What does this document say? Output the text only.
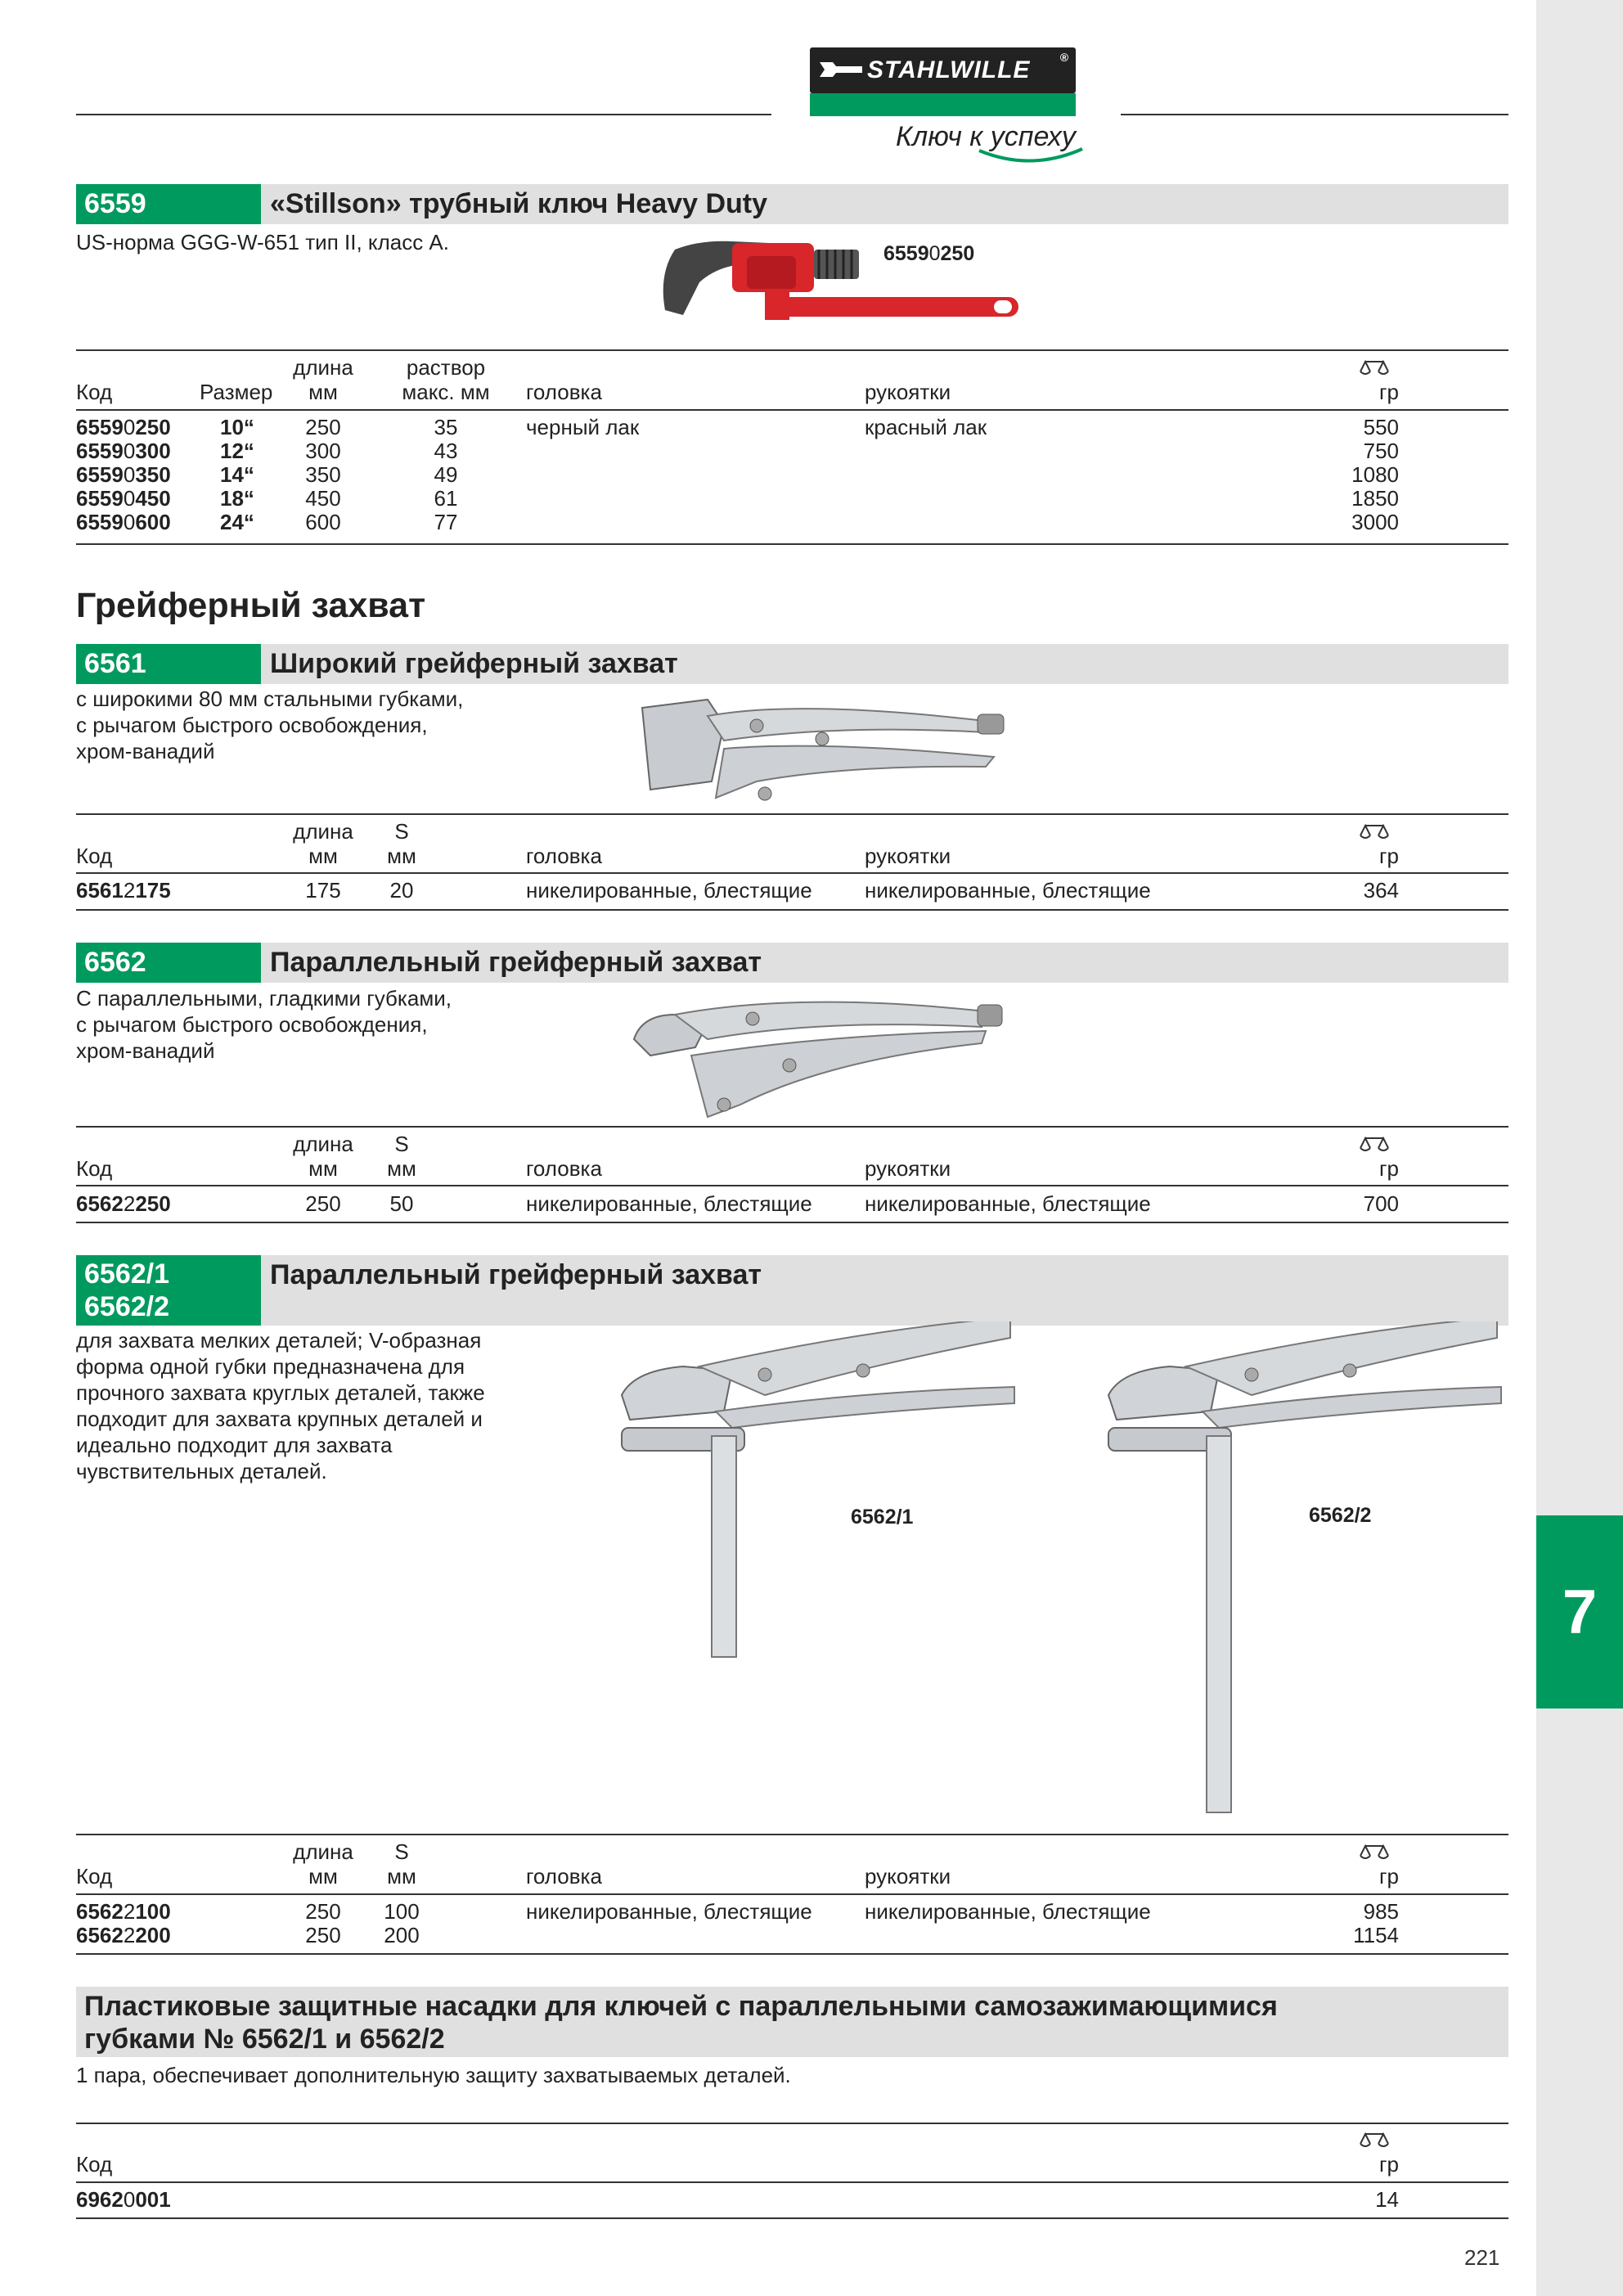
7
STAHLWILLE	®
Ключ к успеху
6559	«Stillson» трубный ключ Heavy Duty
US-норма GGG-W-651 тип II, класс A.	65590250
длина	раствор
Код	Размер	мм	макс. мм	головка	рукоятки	гр
65590250 10“	250	35	черный лак	красный лак	550
65590300 12“	300	43	750
65590350 14“	350	49	1080
65590450 18“	450	61	1850
65590600 24“	600	77	3000
Грейферный захват
6561	Широкий грейферный захват
с широкими 80 мм стальными губками,
с рычагом быстрого освобождения,
хром-ванадий
длина	S
Код	мм	мм	головка	рукоятки	гр
65612175	175	20	никелированные, блестящие никелированные, блестящие	364
6562	Параллельный грейферный захват
С параллельными, гладкими губками,
с рычагом быстрого освобождения,
хром-ванадий
длина	S
Код	мм	мм	головка	рукоятки	гр
65622250	250	50	никелированные, блестящие никелированные, блестящие	700
6562/1
6562/2
Параллельный грейферный захват
для захвата мелких деталей; V-образная
форма одной губки предназначена для
прочного захвата круглых деталей, также
подходит для захвата крупных деталей и
идеально подходит для захвата
чувствительных деталей.
6562/1	6562/2
длина	S
Код	мм	мм	головка	рукоятки	гр
65622100	250	100	никелированные, блестящие никелированные, блестящие	985
65622200	250	200	1154
Пластиковые защитные насадки для ключей с параллельными самозажимающимися
губками № 6562/1 и 6562/2
1 пара, обеспечивает дополнительную защиту захватываемых деталей.
Код	гр
69620001	14
221
